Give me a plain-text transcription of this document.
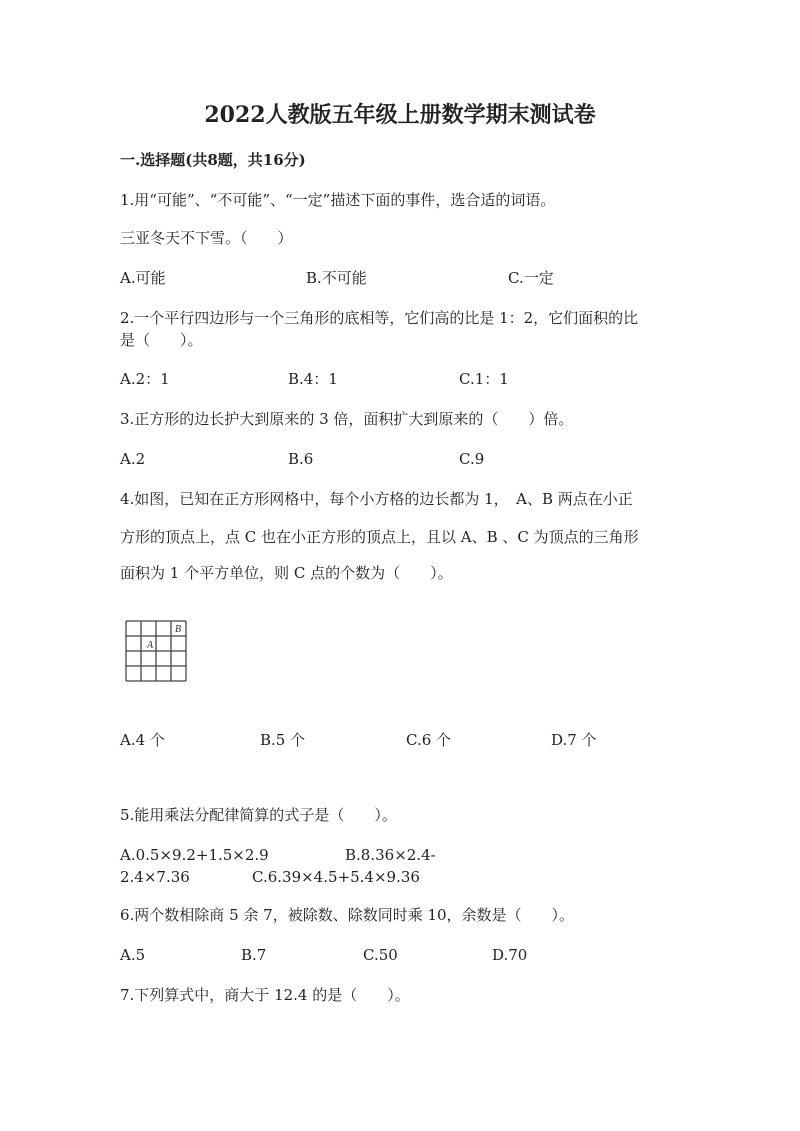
2022人教版五年级上册数学期末测试卷
一.选择题(共8题，共16分)
1.用“可能”、“不可能”、“一定”描述下面的事件，选合适的词语。
三亚冬天不下雪。（　　）
A.可能	B.不可能	C.一定
2.一个平行四边形与一个三角形的底相等，它们高的比是 1：2，它们面积的比
是（　　）。
A.2：1	B.4：1	C.1：1
3.正方形的边长护大到原来的 3 倍，面积扩大到原来的（　　）倍。
A.2	B.6	C.9
4.如图，已知在正方形网格中，每个小方格的边长都为 1，　A、B 两点在小正
方形的顶点上，点 C 也在小正方形的顶点上，且以 A、B 、C 为顶点的三角形
面积为 1 个平方单位，则 C 点的个数为（　　）。
A
B
A.4 个	B.5 个	C.6 个	D.7 个
5.能用乘法分配律简算的式子是（　　）。
A.0.5×9.2+1.5×2.9	B.8.36×2.4-
2.4×7.36	C.6.39×4.5+5.4×9.36
6.两个数相除商 5 余 7，被除数、除数同时乘 10，余数是（　　）。
A.5	B.7	C.50	D.70
7.下列算式中，商大于 12.4 的是（　　）。
